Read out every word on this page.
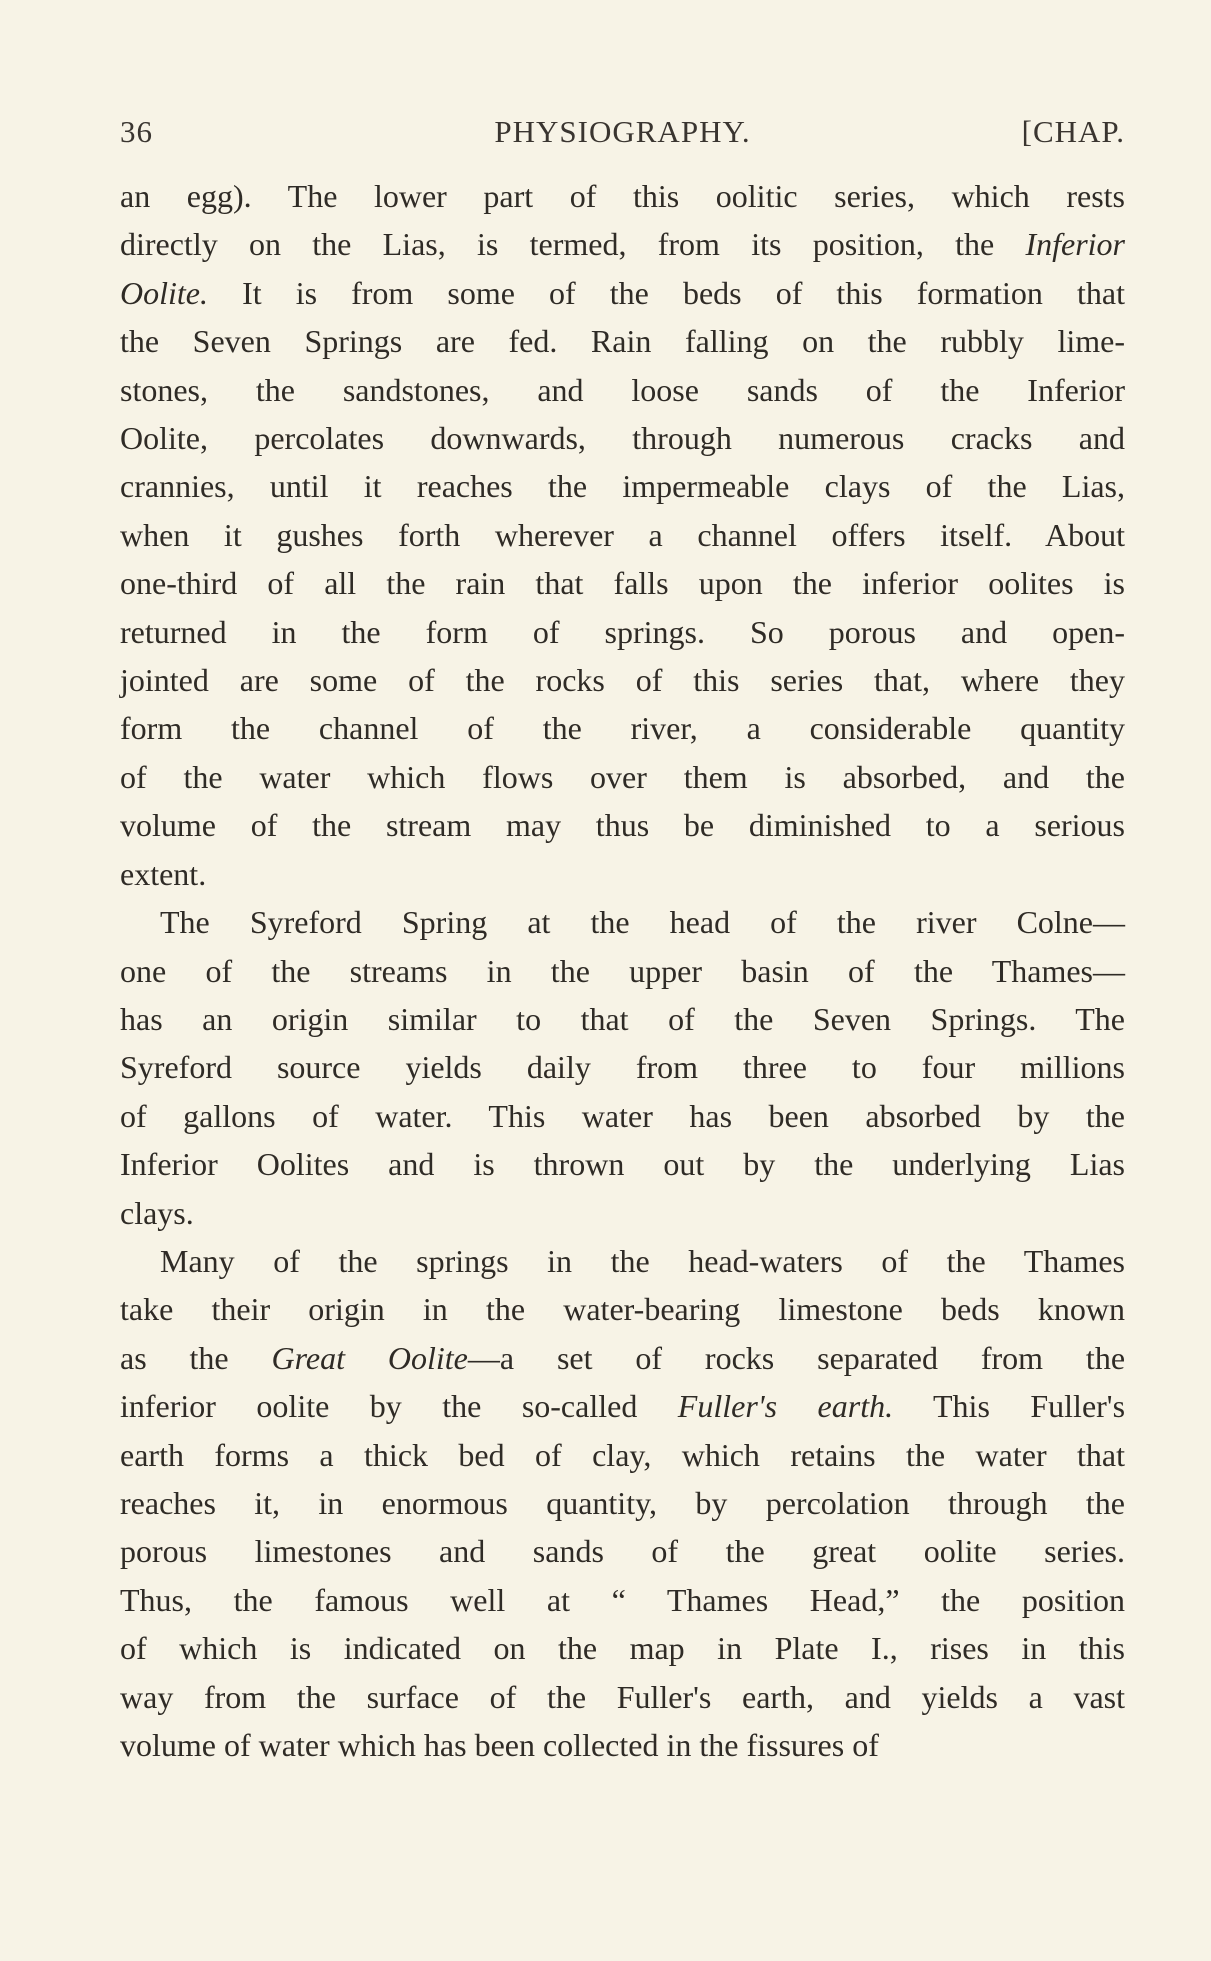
36	PHYSIOGRAPHY.	[CHAP.
an egg). The lower part of this oolitic series, which rests
directly on the Lias, is termed, from its position, the Inferior
Oolite. It is from some of the beds of this formation that
the Seven Springs are fed. Rain falling on the rubbly lime-
stones, the sandstones, and loose sands of the Inferior
Oolite, percolates downwards, through numerous cracks and
crannies, until it reaches the impermeable clays of the Lias,
when it gushes forth wherever a channel offers itself. About
one-third of all the rain that falls upon the inferior oolites is
returned in the form of springs. So porous and open-
jointed are some of the rocks of this series that, where they
form the channel of the river, a considerable quantity
of the water which flows over them is absorbed, and the
volume of the stream may thus be diminished to a serious
extent.
The Syreford Spring at the head of the river Colne—
one of the streams in the upper basin of the Thames—
has an origin similar to that of the Seven Springs. The
Syreford source yields daily from three to four millions
of gallons of water. This water has been absorbed by the
Inferior Oolites and is thrown out by the underlying Lias
clays.
Many of the springs in the head-waters of the Thames
take their origin in the water-bearing limestone beds known
as the Great Oolite—a set of rocks separated from the
inferior oolite by the so-called Fuller's earth. This Fuller's
earth forms a thick bed of clay, which retains the water that
reaches it, in enormous quantity, by percolation through the
porous limestones and sands of the great oolite series.
Thus, the famous well at “ Thames Head,” the position
of which is indicated on the map in Plate I., rises in this
way from the surface of the Fuller's earth, and yields a vast
volume of water which has been collected in the fissures of
